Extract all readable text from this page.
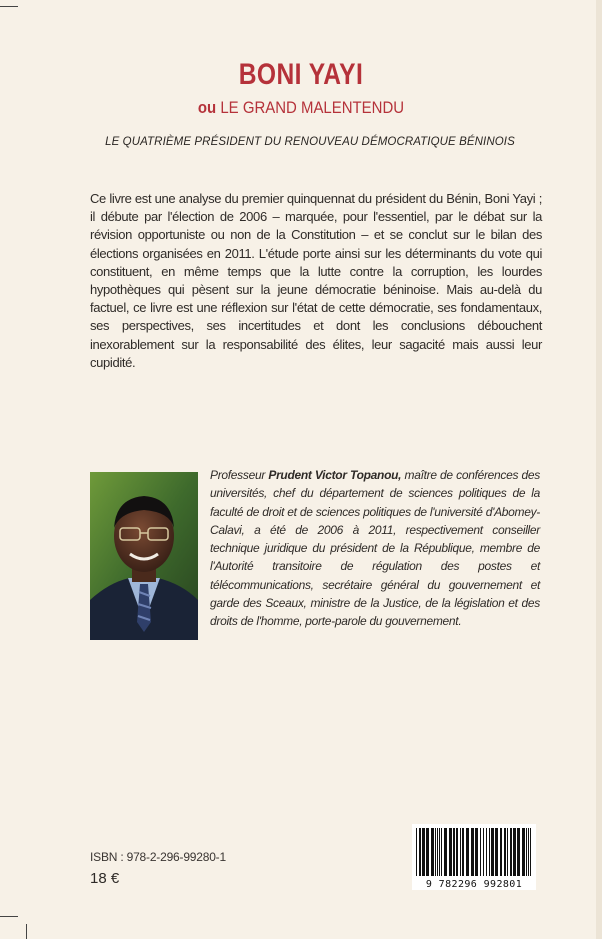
BONI YAYI
ou LE GRAND MALENTENDU
LE QUATRIÈME PRÉSIDENT DU RENOUVEAU DÉMOCRATIQUE BÉNINOIS
Ce livre est une analyse du premier quinquennat du président du Bénin, Boni Yayi ; il débute par l'élection de 2006 – marquée, pour l'essentiel, par le débat sur la révision opportuniste ou non de la Constitution – et se conclut sur le bilan des élections organisées en 2011. L'étude porte ainsi sur les déterminants du vote qui constituent, en même temps que la lutte contre la corruption, les lourdes hypothèques qui pèsent sur la jeune démocratie béninoise. Mais au-delà du factuel, ce livre est une réflexion sur l'état de cette démocratie, ses fondamentaux, ses perspectives, ses incertitudes et dont les conclusions débouchent inexorablement sur la responsabilité des élites, leur sagacité mais aussi leur cupidité.
Professeur Prudent Victor Topanou, maître de conférences des universités, chef du département de sciences politiques de la faculté de droit et de sciences politiques de l'université d'Abomey-Calavi, a été de 2006 à 2011, respectivement conseiller technique juridique du président de la République, membre de l'Autorité transitoire de régulation des postes et télécommunications, secrétaire général du gouvernement et garde des Sceaux, ministre de la Justice, de la législation et des droits de l'homme, porte-parole du gouvernement.
ISBN : 978-2-296-99280-1
18 €	9 782296 992801
